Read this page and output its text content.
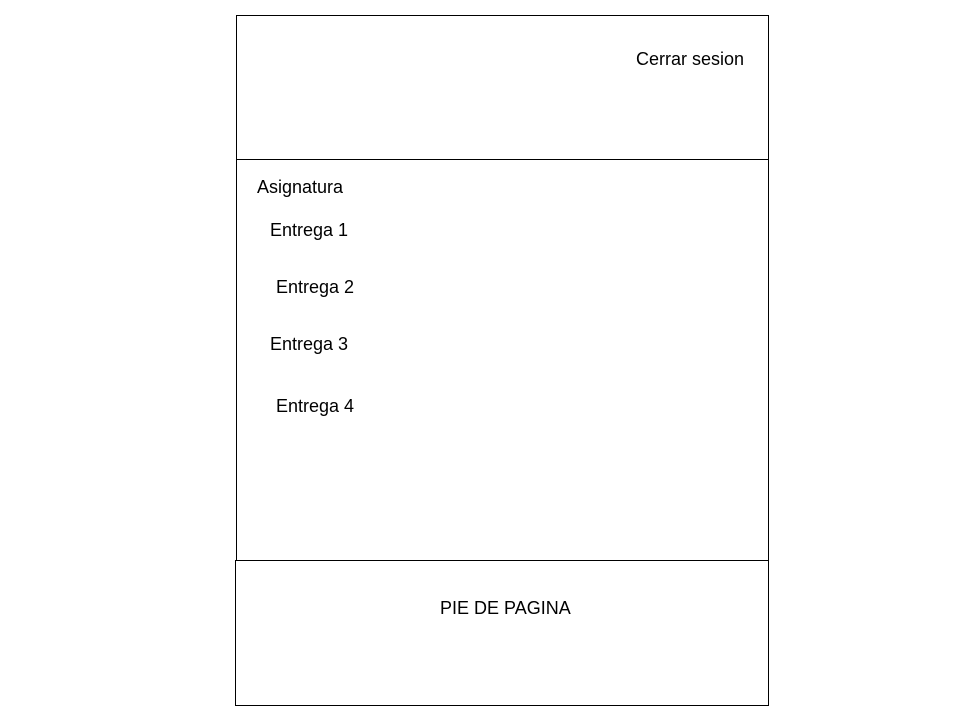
Cerrar sesion
Asignatura
Entrega 1
Entrega 2
Entrega 3
Entrega 4
PIE DE PAGINA
